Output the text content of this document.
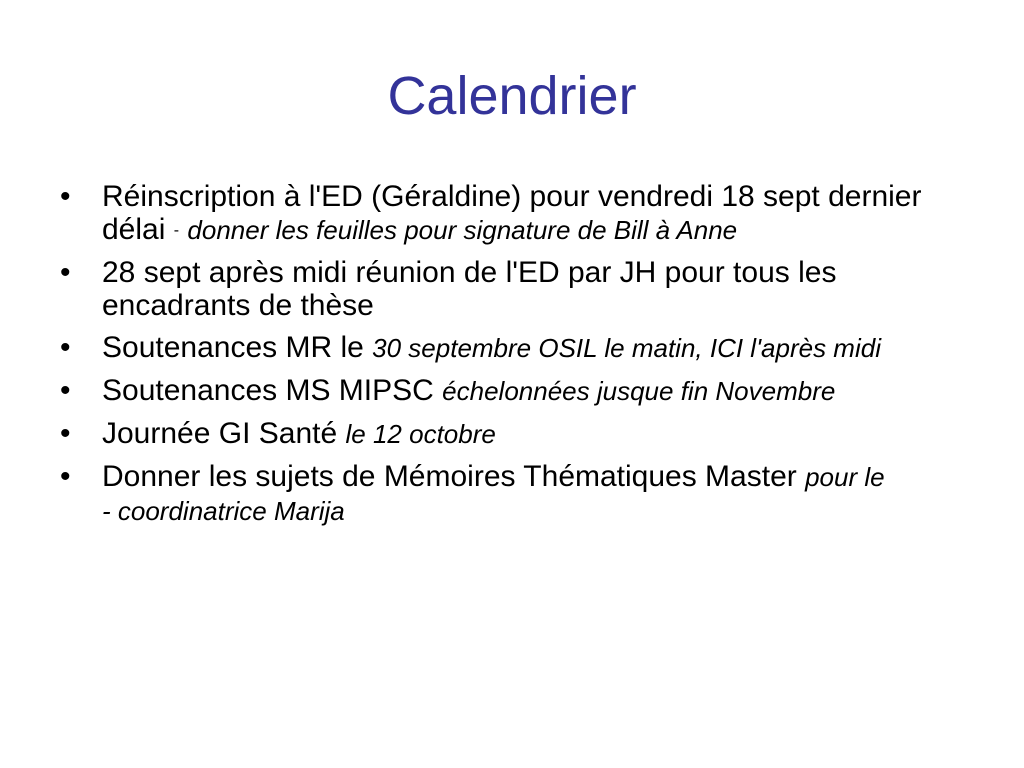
Calendrier
• Réinscription à l'ED (Géraldine) pour vendredi 18 sept dernier délai - donner les feuilles pour signature de Bill à Anne
• 28 sept après midi réunion de l'ED par JH pour tous les encadrants de thèse
• Soutenances MR le 30 septembre OSIL le matin, ICI l'après midi
• Soutenances MS MIPSC échelonnées jusque fin Novembre
• Journée GI Santé le 12 octobre
• Donner les sujets de Mémoires Thématiques Master pour le- coordinatrice Marija
